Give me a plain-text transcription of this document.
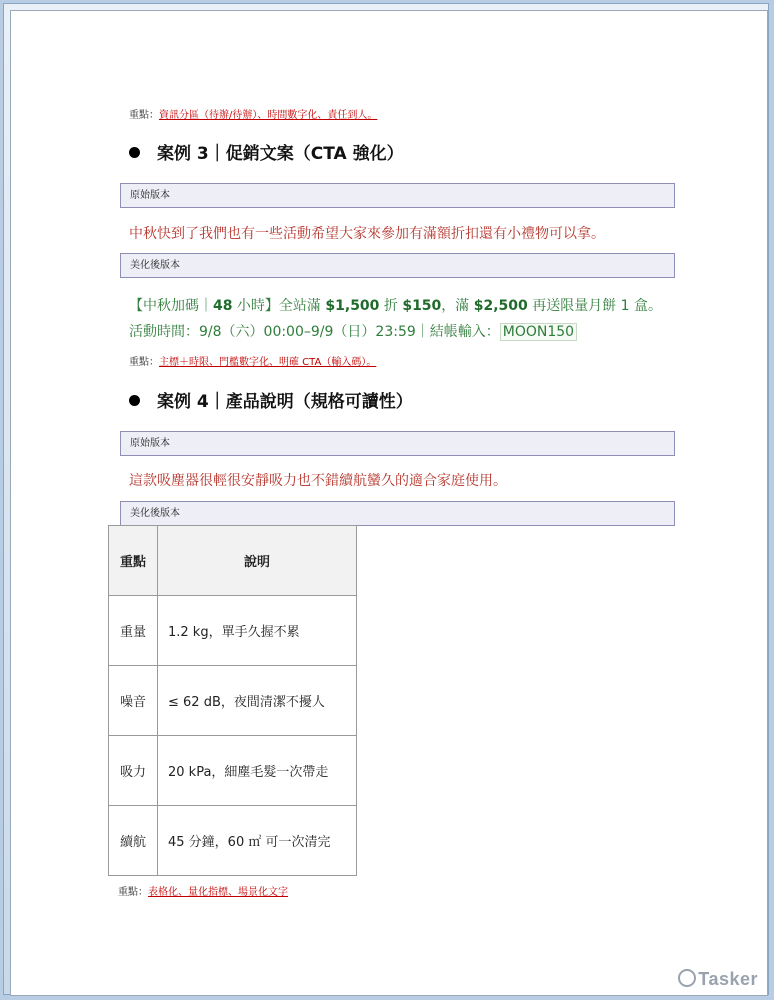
重點：資訊分區（待辦/待辦）、時間數字化、責任到人。
案例 3｜促銷文案（CTA 強化）
原始版本
中秋快到了我們也有一些活動希望大家來參加有滿額折扣還有小禮物可以拿。
美化後版本
【中秋加碼｜48 小時】全站滿 $1,500 折 $150，滿 $2,500 再送限量月餅 1 盒。
活動時間：9/8（六）00:00–9/9（日）23:59｜結帳輸入： MOON150
重點：主標＋時限、門檻數字化、明確 CTA（輸入碼）。
案例 4｜產品說明（規格可讀性）
原始版本
這款吸塵器很輕很安靜吸力也不錯續航蠻久的適合家庭使用。
美化後版本
重點	說明
重量	1.2 kg，單手久握不累
噪音	≤ 62 dB，夜間清潔不擾人
吸力	20 kPa，細塵毛髮一次帶走
續航	45 分鐘，60 ㎡ 可一次清完
重點：表格化、量化指標、場景化文字
Tasker
